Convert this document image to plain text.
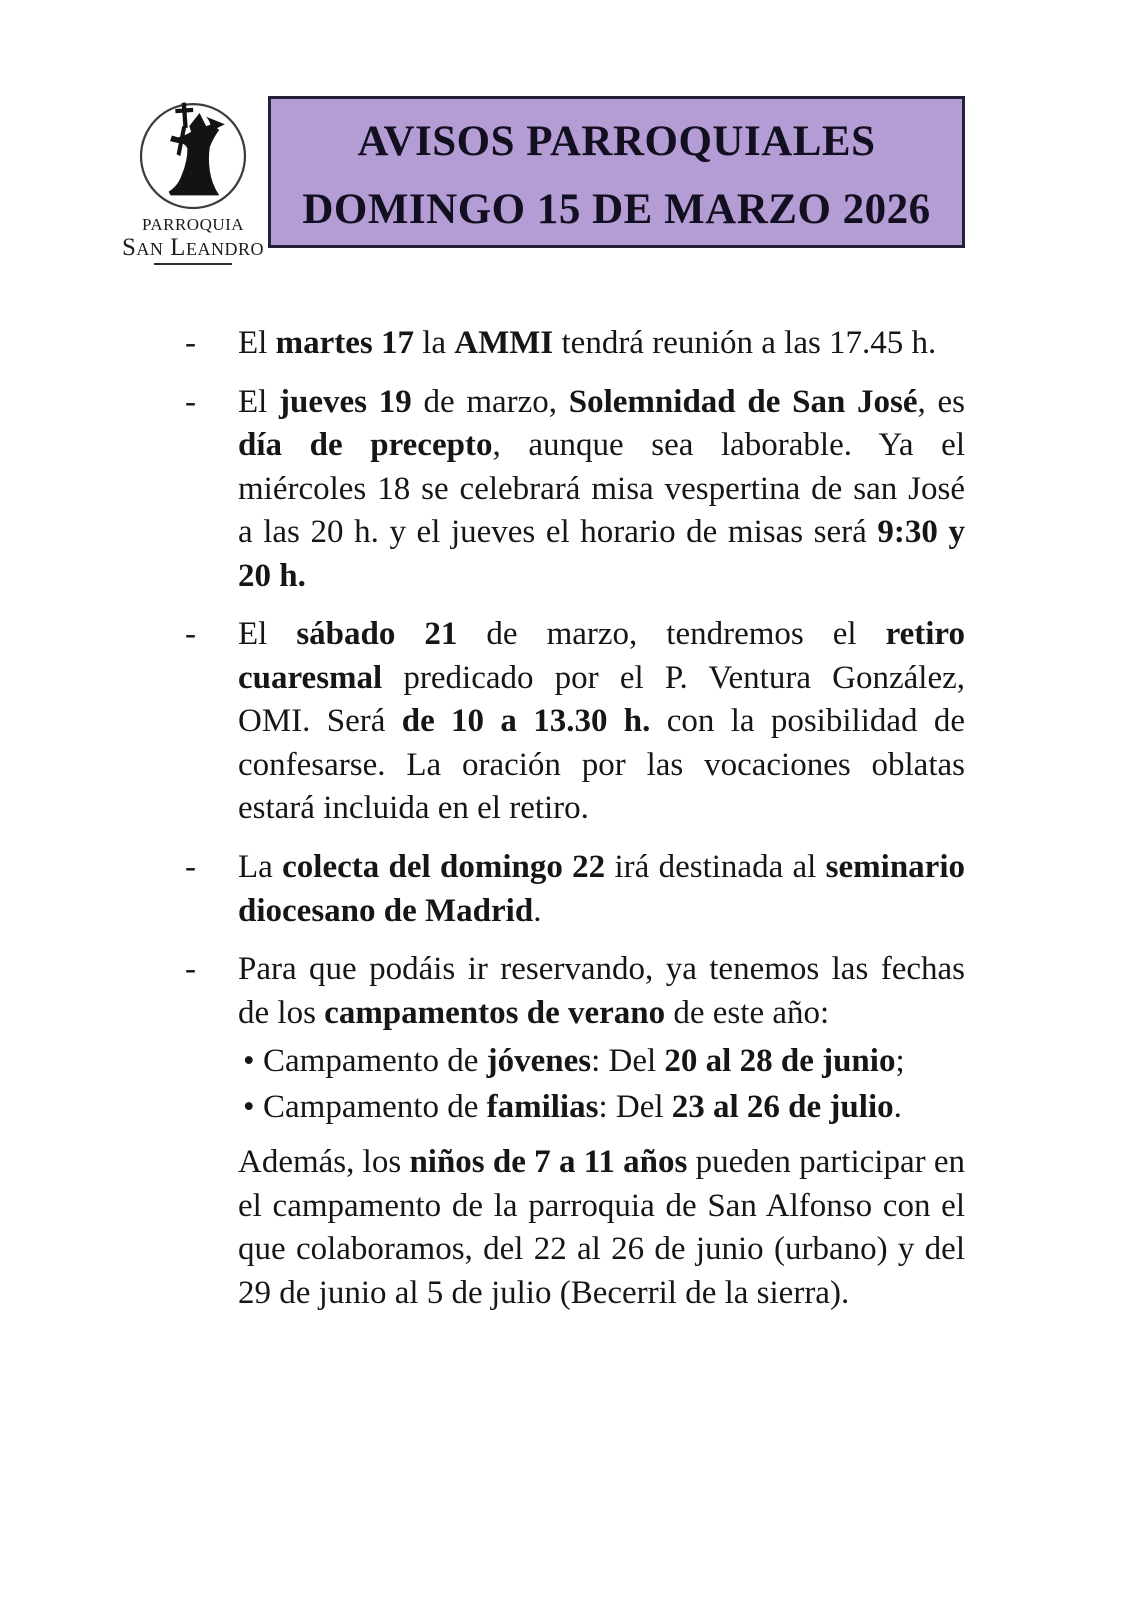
PARROQUIA
San Leandro
AVISOS PARROQUIALES
DOMINGO 15 DE MARZO 2026
-	El martes 17 la AMMI tendrá reunión a las 17.45 h.

-	El jueves 19 de marzo, Solemnidad de San José, es día de precepto, aunque sea laborable. Ya el miércoles 18 se celebrará misa vespertina de san José a las 20 h. y el jueves el horario de misas será 9:30 y 20 h.

-	El sábado 21 de marzo, tendremos el retiro cuaresmal predicado por el P. Ventura González, OMI. Será de 10 a 13.30 h. con la posibilidad de confesarse. La oración por las vocaciones oblatas estará incluida en el retiro.

-	La colecta del domingo 22 irá destinada al seminario diocesano de Madrid.

-	Para que podáis ir reservando, ya tenemos las fechas de los campamentos de verano de este año:

• Campamento de jóvenes: Del 20 al 28 de junio;

• Campamento de familias: Del 23 al 26 de julio.

Además, los niños de 7 a 11 años pueden participar en el campamento de la parroquia de San Alfonso con el que colaboramos, del 22 al 26 de junio (urbano) y del 29 de junio al 5 de julio (Becerril de la sierra).
